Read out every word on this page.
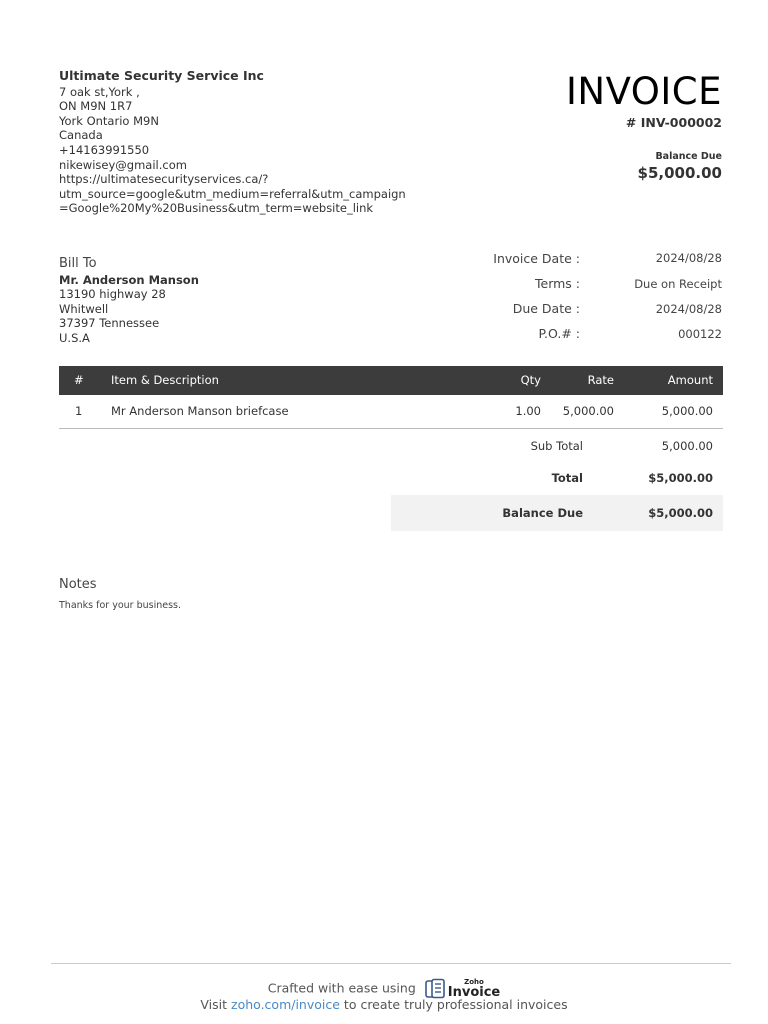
Ultimate Security Service Inc
7 oak st,York ,
ON M9N 1R7
York Ontario M9N
Canada
+14163991550
nikewisey@gmail.com
https://ultimatesecurityservices.ca/?
utm_source=google&utm_medium=referral&utm_campaign
=Google%20My%20Business&utm_term=website_link
INVOICE
# INV-000002
Balance Due
$5,000.00
Bill To
Mr. Anderson Manson
13190 highway 28
Whitwell
37397 Tennessee
U.S.A
Invoice Date :	2024/08/28
Terms :	Due on Receipt
Due Date :	2024/08/28
P.O.# :	000122
# Item & Description	Qty	Rate	Amount
1 Mr Anderson Manson briefcase	1.00 5,000.00	5,000.00
Sub Total	5,000.00
Total	$5,000.00
Balance Due	$5,000.00
Notes
Thanks for your business.
Crafted with ease using	Zoho
Invoice
Visit zoho.com/invoice to create truly professional invoices
